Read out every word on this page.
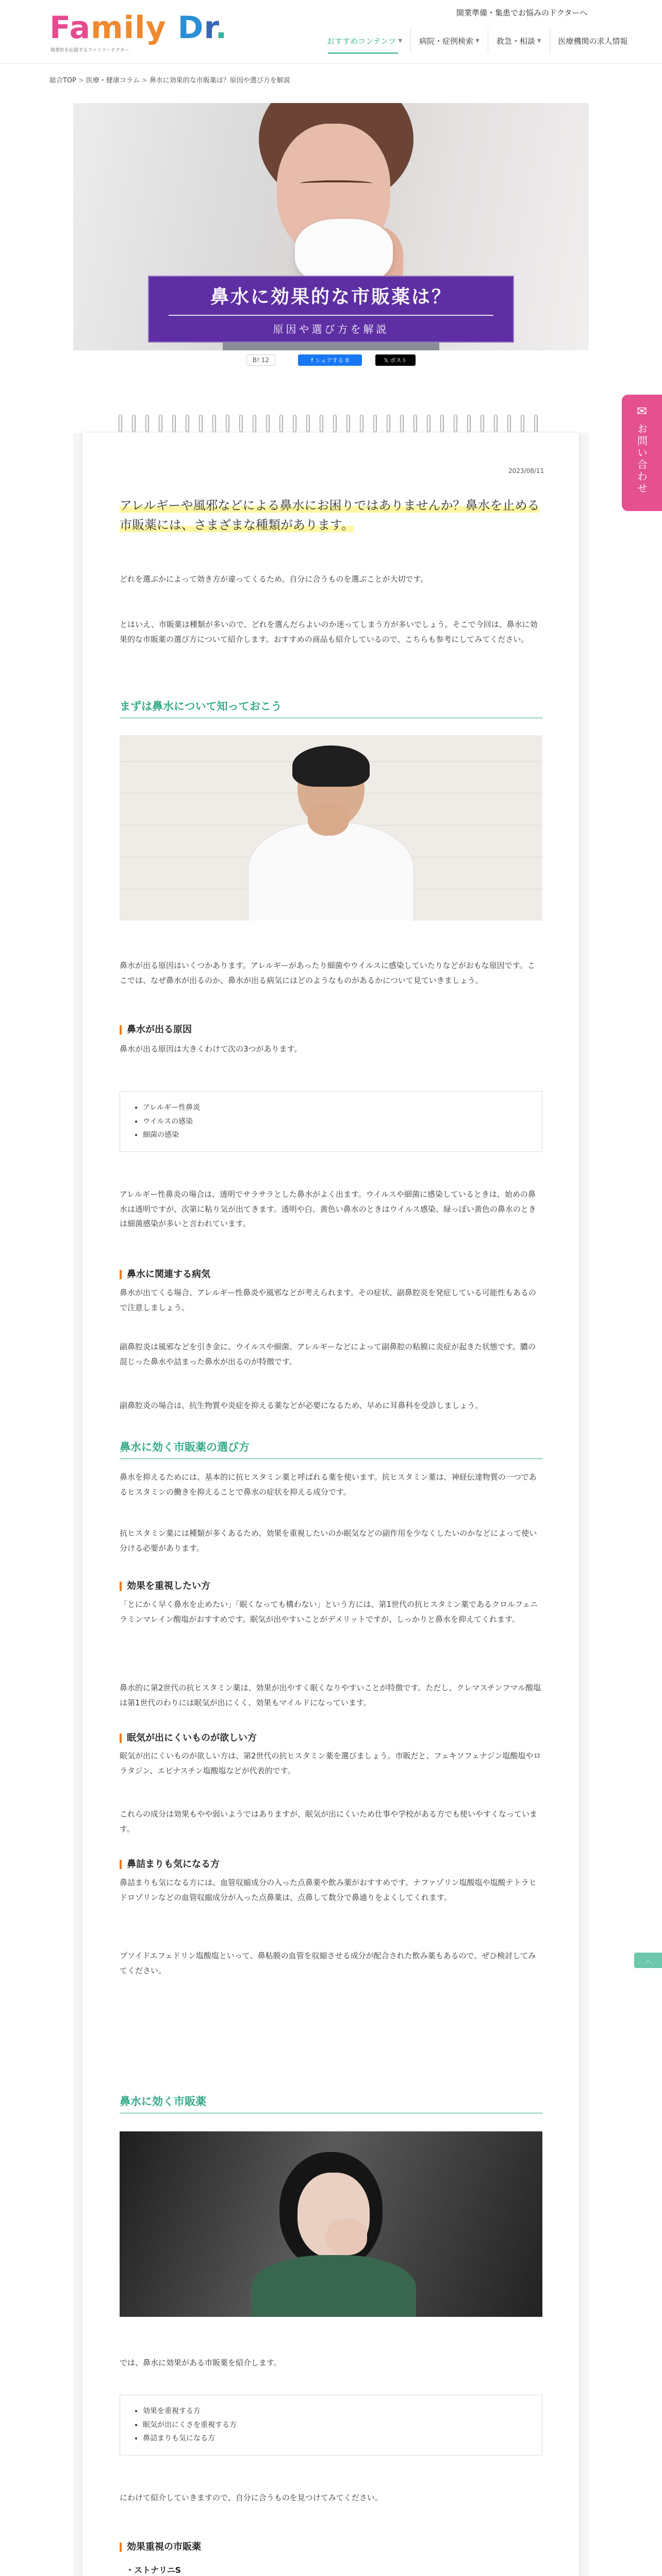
Family Dr.
開業医を応援するファミリードクター
開業準備・集患でお悩みのドクターへ
おすすめコンテンツ ▼ 病院・症例検索 ▼ 救急・相談 ▼ 医療機関の求人情報
総合TOP > 医療・健康コラム > 鼻水に効果的な市販薬は？原因や選び方を解説
鼻水に効果的な市販薬は？
原因や選び方を解説
B! 12	f シェアする 0	𝕏 ポスト
2023/08/11
アレルギーや風邪などによる鼻水にお困りではありませんか？鼻水を止める市販薬には、さまざまな種類があります。

どれを選ぶかによって効き方が違ってくるため、自分に合うものを選ぶことが大切です。

とはいえ、市販薬は種類が多いので、どれを選んだらよいのか迷ってしまう方が多いでしょう。そこで今回は、鼻水に効果的な市販薬の選び方について紹介します。おすすめの商品も紹介しているので、こちらも参考にしてみてください。

まずは鼻水について知っておこう

鼻水が出る原因はいくつかあります。アレルギーがあったり細菌やウイルスに感染していたりなどがおもな原因です。ここでは、なぜ鼻水が出るのか、鼻水が出る病気にはどのようなものがあるかについて見ていきましょう。

鼻水が出る原因

鼻水が出る原因は大きくわけて次の3つがあります。

• アレルギー性鼻炎
• ウイルスの感染
• 細菌の感染

アレルギー性鼻炎の場合は、透明でサラサラとした鼻水がよく出ます。ウイルスや細菌に感染しているときは、始めの鼻水は透明ですが、次第に粘り気が出てきます。透明や白、黄色い鼻水のときはウイルス感染、緑っぽい黄色の鼻水のときは細菌感染が多いと言われています。

鼻水に関連する病気

鼻水が出てくる場合、アレルギー性鼻炎や風邪などが考えられます。その症状、副鼻腔炎を発症している可能性もあるので注意しましょう。

副鼻腔炎は風邪などを引き金に、ウイルスや細菌、アレルギーなどによって副鼻腔の粘膜に炎症が起きた状態です。膿の混じった鼻水や詰まった鼻水が出るのが特徴です。

副鼻腔炎の場合は、抗生物質や炎症を抑える薬などが必要になるため、早めに耳鼻科を受診しましょう。

鼻水に効く市販薬の選び方

鼻水を抑えるためには、基本的に抗ヒスタミン薬と呼ばれる薬を使います。抗ヒスタミン薬は、神経伝達物質の一つであるヒスタミンの働きを抑えることで鼻水の症状を抑える成分です。

抗ヒスタミン薬には種類が多くあるため、効果を重視したいのか眠気などの副作用を少なくしたいのかなどによって使い分ける必要があります。

効果を重視したい方

「とにかく早く鼻水を止めたい」「眠くなっても構わない」という方には、第1世代の抗ヒスタミン薬であるクロルフェニラミンマレイン酸塩がおすすめです。眠気が出やすいことがデメリットですが、しっかりと鼻水を抑えてくれます。

鼻水的に第2世代の抗ヒスタミン薬は、効果が出やすく眠くなりやすいことが特徴です。ただし、クレマスチンフマル酸塩は第1世代のわりには眠気が出にくく、効果もマイルドになっています。

眠気が出にくいものが欲しい方

眠気が出にくいものが欲しい方は、第2世代の抗ヒスタミン薬を選びましょう。市販だと、フェキソフェナジン塩酸塩やロラタジン、エピナスチン塩酸塩などが代表的です。

これらの成分は効果もやや弱いようではありますが、眠気が出にくいため仕事や学校がある方でも使いやすくなっています。

鼻詰まりも気になる方

鼻詰まりも気になる方には、血管収縮成分の入った点鼻薬や飲み薬がおすすめです。ナファゾリン塩酸塩や塩酸テトラヒドロゾリンなどの血管収縮成分が入った点鼻薬は、点鼻して数分で鼻通りをよくしてくれます。

プソイドエフェドリン塩酸塩といって、鼻粘膜の血管を収縮させる成分が配合された飲み薬もあるので、ぜひ検討してみてください。

鼻水に効く市販薬

では、鼻水に効果がある市販薬を紹介します。

• 効果を重視する方
• 眠気が出にくさを重視する方
• 鼻詰まりも気になる方

にわけて紹介していきますので、自分に合うものを見つけてみてください。

効果重視の市販薬
・ストナリニS

✉
お問い合わせ
︿
